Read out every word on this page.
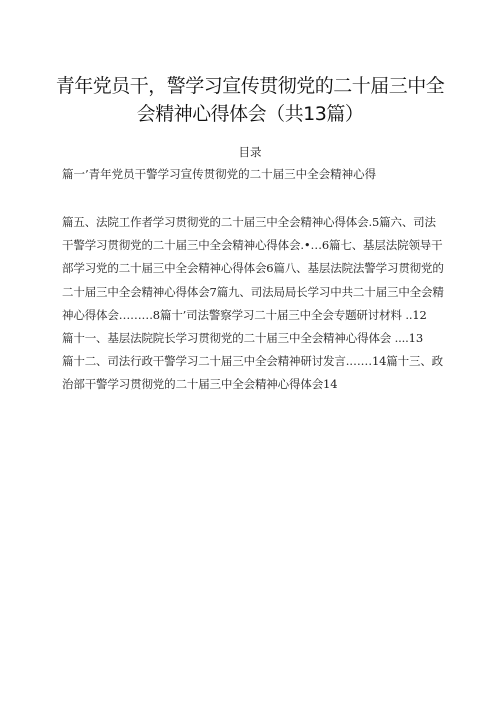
青年党员干，警学习宣传贯彻党的二十届三中全
会精神心得体会（共13篇）
目录
篇一’青年党员干警学习宣传贯彻党的二十届三中全会精神心得
篇五、法院工作者学习贯彻党的二十届三中全会精神心得体会.5篇六、司法
干警学习贯彻党的二十届三中全会精神心得体会.•…6篇七、基层法院领导干
部学习党的二十届三中全会精神心得体会6篇八、基层法院法警学习贯彻党的
二十届三中全会精神心得体会7篇九、司法局局长学习中共二十届三中全会精
神心得体会………8篇十’司法警察学习二十届三中全会专题研讨材料 ..12
篇十一、基层法院院长学习贯彻党的二十届三中全会精神心得体会 ....13
篇十二、司法行政干警学习二十届三中全会精神研讨发言.……14篇十三、政
治部干警学习贯彻党的二十届三中全会精神心得体会14
